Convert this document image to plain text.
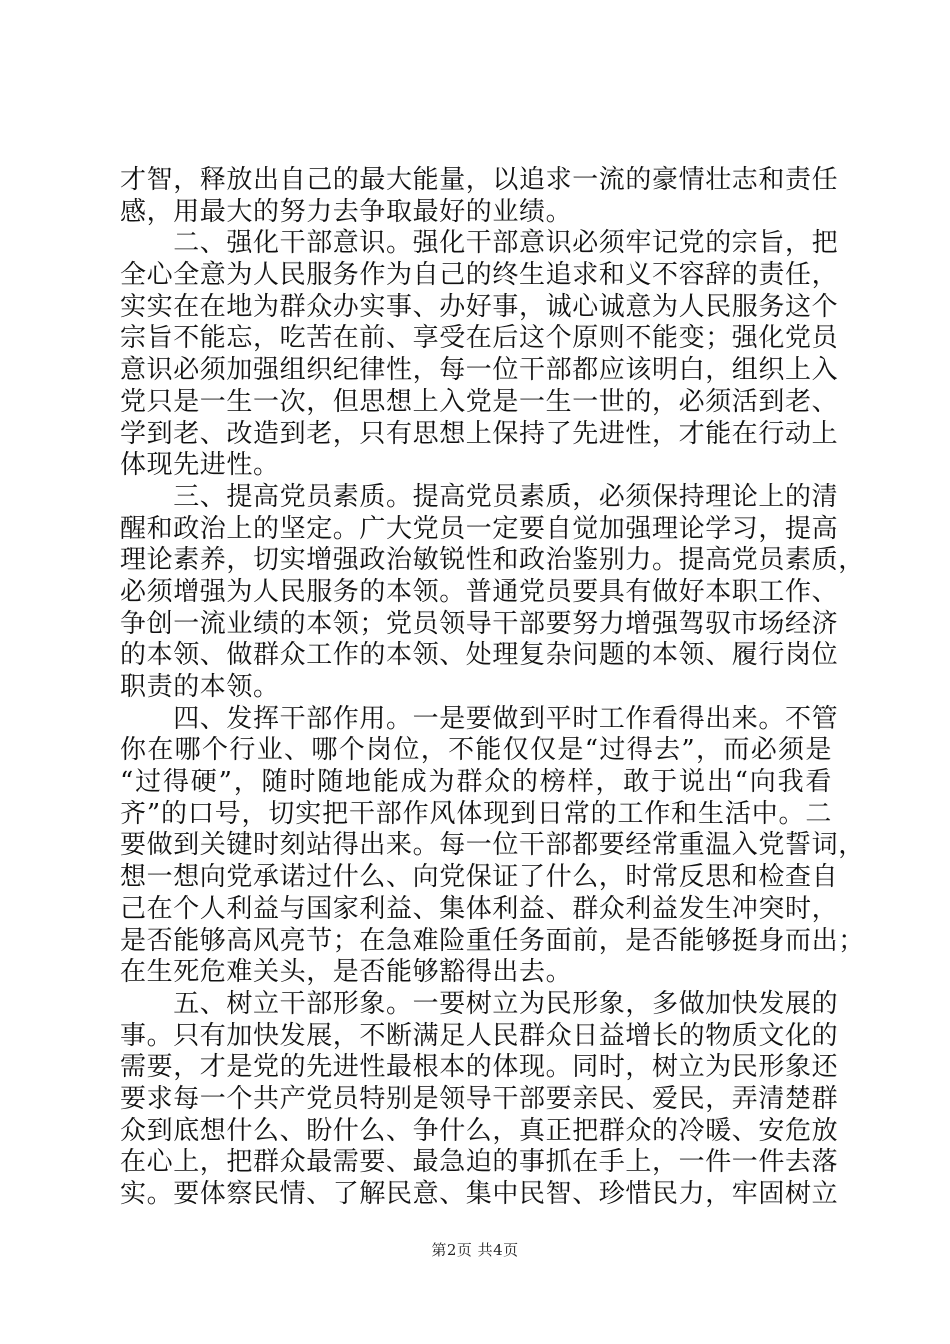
才智，释放出自己的最大能量，以追求一流的豪情壮志和责任
感，用最大的努力去争取最好的业绩。
　　二、强化干部意识。强化干部意识必须牢记党的宗旨，把
全心全意为人民服务作为自己的终生追求和义不容辞的责任，
实实在在地为群众办实事、办好事，诚心诚意为人民服务这个
宗旨不能忘，吃苦在前、享受在后这个原则不能变；强化党员
意识必须加强组织纪律性，每一位干部都应该明白，组织上入
党只是一生一次，但思想上入党是一生一世的，必须活到老、
学到老、改造到老，只有思想上保持了先进性，才能在行动上
体现先进性。
　　三、提高党员素质。提高党员素质，必须保持理论上的清
醒和政治上的坚定。广大党员一定要自觉加强理论学习，提高
理论素养，切实增强政治敏锐性和政治鉴别力。提高党员素质，
必须增强为人民服务的本领。普通党员要具有做好本职工作、
争创一流业绩的本领；党员领导干部要努力增强驾驭市场经济
的本领、做群众工作的本领、处理复杂问题的本领、履行岗位
职责的本领。
　　四、发挥干部作用。一是要做到平时工作看得出来。不管
你在哪个行业、哪个岗位，不能仅仅是“过得去”，而必须是
“过得硬”，随时随地能成为群众的榜样，敢于说出“向我看
齐”的口号，切实把干部作风体现到日常的工作和生活中。二
要做到关键时刻站得出来。每一位干部都要经常重温入党誓词，
想一想向党承诺过什么、向党保证了什么，时常反思和检查自
己在个人利益与国家利益、集体利益、群众利益发生冲突时，
是否能够高风亮节；在急难险重任务面前，是否能够挺身而出；
在生死危难关头，是否能够豁得出去。
　　五、树立干部形象。一要树立为民形象，多做加快发展的
事。只有加快发展，不断满足人民群众日益增长的物质文化的
需要，才是党的先进性最根本的体现。同时，树立为民形象还
要求每一个共产党员特别是领导干部要亲民、爱民，弄清楚群
众到底想什么、盼什么、争什么，真正把群众的冷暖、安危放
在心上，把群众最需要、最急迫的事抓在手上，一件一件去落
实。要体察民情、了解民意、集中民智、珍惜民力，牢固树立
第2页 共4页
